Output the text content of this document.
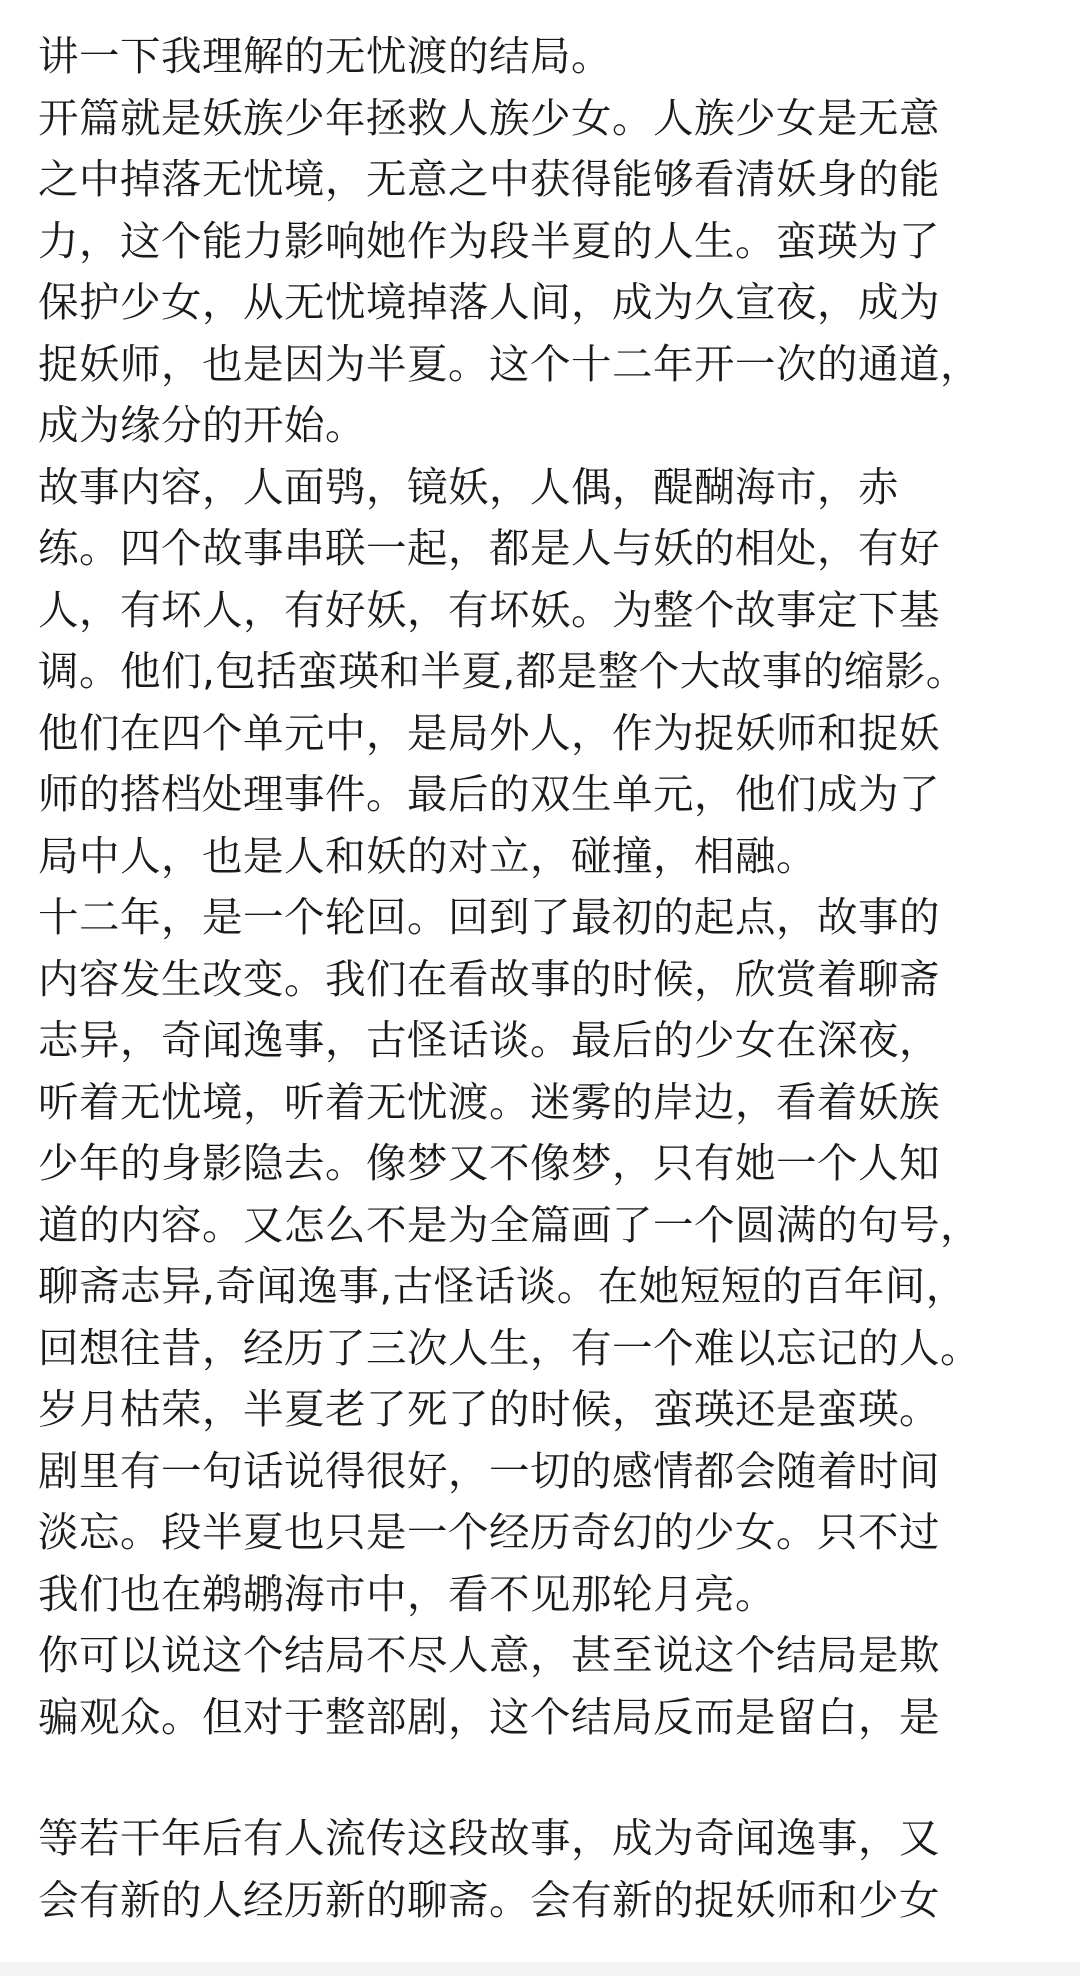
讲一下我理解的无忧渡的结局。
开篇就是妖族少年拯救人族少女。人族少女是无意
之中掉落无忧境，无意之中获得能够看清妖身的能
力，这个能力影响她作为段半夏的人生。蛮瑛为了
保护少女，从无忧境掉落人间，成为久宣夜，成为
捉妖师，也是因为半夏。这个十二年开一次的通道，
成为缘分的开始。
故事内容，人面鸮，镜妖，人偶，醍醐海市，赤
练。四个故事串联一起，都是人与妖的相处，有好
人，有坏人，有好妖，有坏妖。为整个故事定下基
调。他们,包括蛮瑛和半夏,都是整个大故事的缩影。
他们在四个单元中，是局外人，作为捉妖师和捉妖
师的搭档处理事件。最后的双生单元，他们成为了
局中人，也是人和妖的对立，碰撞，相融。
十二年，是一个轮回。回到了最初的起点，故事的
内容发生改变。我们在看故事的时候，欣赏着聊斋
志异，奇闻逸事，古怪话谈。最后的少女在深夜，
听着无忧境，听着无忧渡。迷雾的岸边，看着妖族
少年的身影隐去。像梦又不像梦，只有她一个人知
道的内容。又怎么不是为全篇画了一个圆满的句号，
聊斋志异,奇闻逸事,古怪话谈。在她短短的百年间，
回想往昔，经历了三次人生，有一个难以忘记的人。
岁月枯荣，半夏老了死了的时候，蛮瑛还是蛮瑛。
剧里有一句话说得很好，一切的感情都会随着时间
淡忘。段半夏也只是一个经历奇幻的少女。只不过
我们也在鹈鹕海市中，看不见那轮月亮。
你可以说这个结局不尽人意，甚至说这个结局是欺
骗观众。但对于整部剧，这个结局反而是留白，是
等若干年后有人流传这段故事，成为奇闻逸事，又
会有新的人经历新的聊斋。会有新的捉妖师和少女
